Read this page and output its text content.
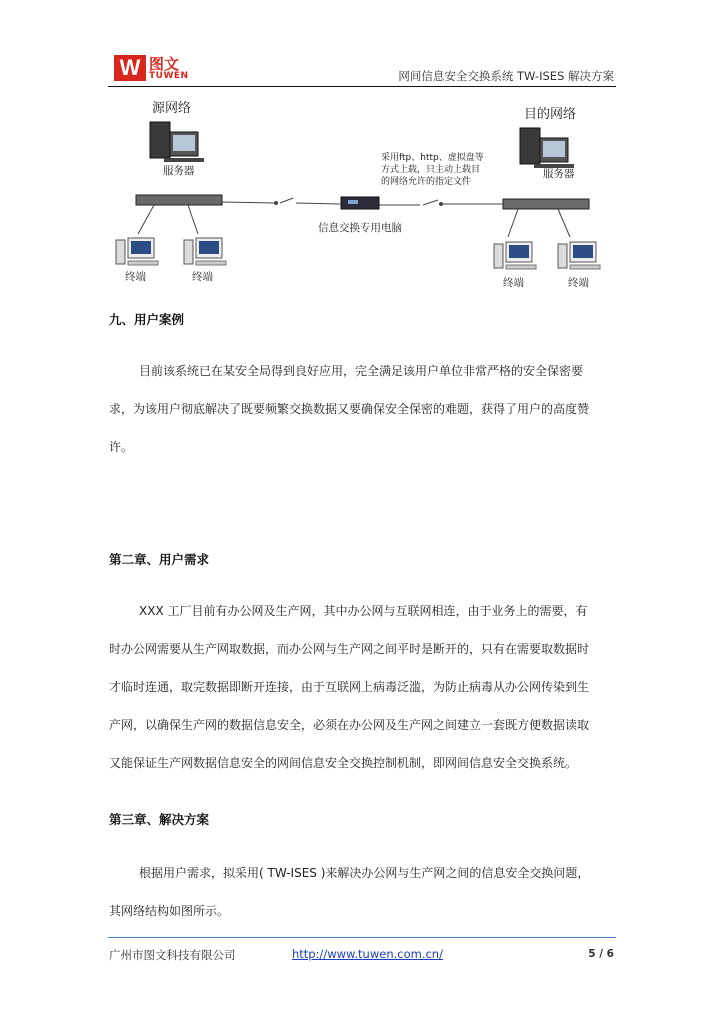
W 图文
TUWEN	网间信息安全交换系统 TW-ISES 解决方案
源网络	目的网络
服务器	服务器
采用ftp、http、虚拟盘等
方式上载，只主动上载目
的网络允许的指定文件
信息交换专用电脑
终端	终端	终端	终端
九、用户案例
目前该系统已在某安全局得到良好应用，完全满足该用户单位非常严格的安全保密要
求，为该用户彻底解决了既要频繁交换数据又要确保安全保密的难题，获得了用户的高度赞
许。
第二章、用户需求
XXX 工厂目前有办公网及生产网，其中办公网与互联网相连，由于业务上的需要，有
时办公网需要从生产网取数据，而办公网与生产网之间平时是断开的，只有在需要取数据时
才临时连通，取完数据即断开连接，由于互联网上病毒泛滥，为防止病毒从办公网传染到生
产网，以确保生产网的数据信息安全，必须在办公网及生产网之间建立一套既方便数据读取
又能保证生产网数据信息安全的网间信息安全交换控制机制，即网间信息安全交换系统。
第三章、解决方案
根据用户需求，拟采用( TW-ISES )来解决办公网与生产网之间的信息安全交换问题，
其网络结构如图所示。
广州市图文科技有限公司	http://www.tuwen.com.cn/	5 / 6
